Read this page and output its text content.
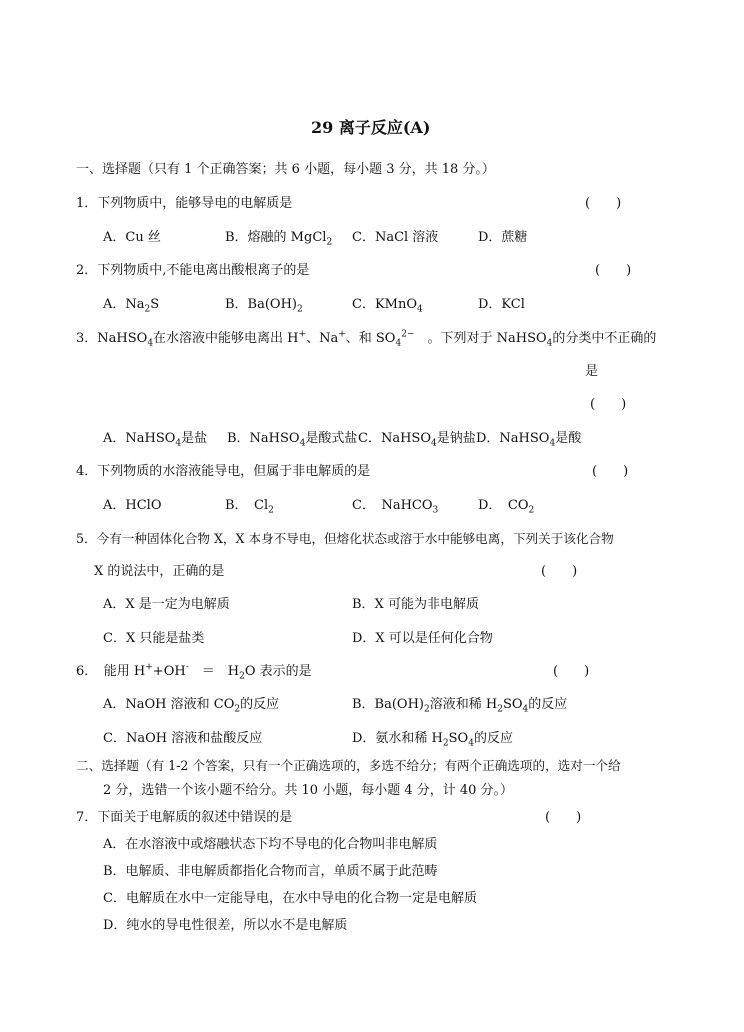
29 离子反应(A)
一、选择题（只有 1 个正确答案；共 6 小题，每小题 3 分，共 18 分。）
1．下列物质中，能够导电的电解质是	(　　)
A．Cu 丝	B．熔融的 MgCl$_2$ C．NaCl 溶液	D．蔗糖
2．下列物质中,不能电离出酸根离子的是	(　　)
A．$Na_2S$	B．$Ba(OH)_2$	C．KMnO$_4$	D．KCl
3．NaHSO$_4$在水溶液中能够电离出 H+、Na+、和 $SO_4^{2-}$　。下列对于 NaHSO$_4$的分类中不正确的
是
(　　)
A．NaHSO$_4$是盐 B．NaHSO$_4$是酸式盐 C．NaHSO$_4$是钠盐 D．NaHSO$_4$是酸
4．下列物质的水溶液能导电，但属于非电解质的是	(　　)
A．HClO	B．　$Cl_2$	C．　NaHCO$_3$	D．　$CO_2$
5．今有一种固体化合物 X，X 本身不导电，但熔化状态或溶于水中能够电离，下列关于该化合物
X 的说法中，正确的是	(　　)
A．X 是一定为电解质	B．X 可能为非电解质
C．X 只能是盐类	D．X 可以是任何化合物
6．　能用 H++OH-　＝　$H_2O$ 表示的是	(　　)
A．NaOH 溶液和 $CO_2$的反应	B．$Ba(OH)_2$溶液和稀 $H_2SO_4$的反应
C．NaOH 溶液和盐酸反应	D．氨水和稀 $H_2SO_4$的反应
二、选择题（有 1-2 个答案，只有一个正确选项的，多选不给分；有两个正确选项的，选对一个给
2 分，选错一个该小题不给分。共 10 小题，每小题 4 分，计 40 分。）
7．下面关于电解质的叙述中错误的是	(　　)
A．在水溶液中或熔融状态下均不导电的化合物叫非电解质
B．电解质、非电解质都指化合物而言，单质不属于此范畴
C．电解质在水中一定能导电，在水中导电的化合物一定是电解质
D．纯水的导电性很差，所以水不是电解质
